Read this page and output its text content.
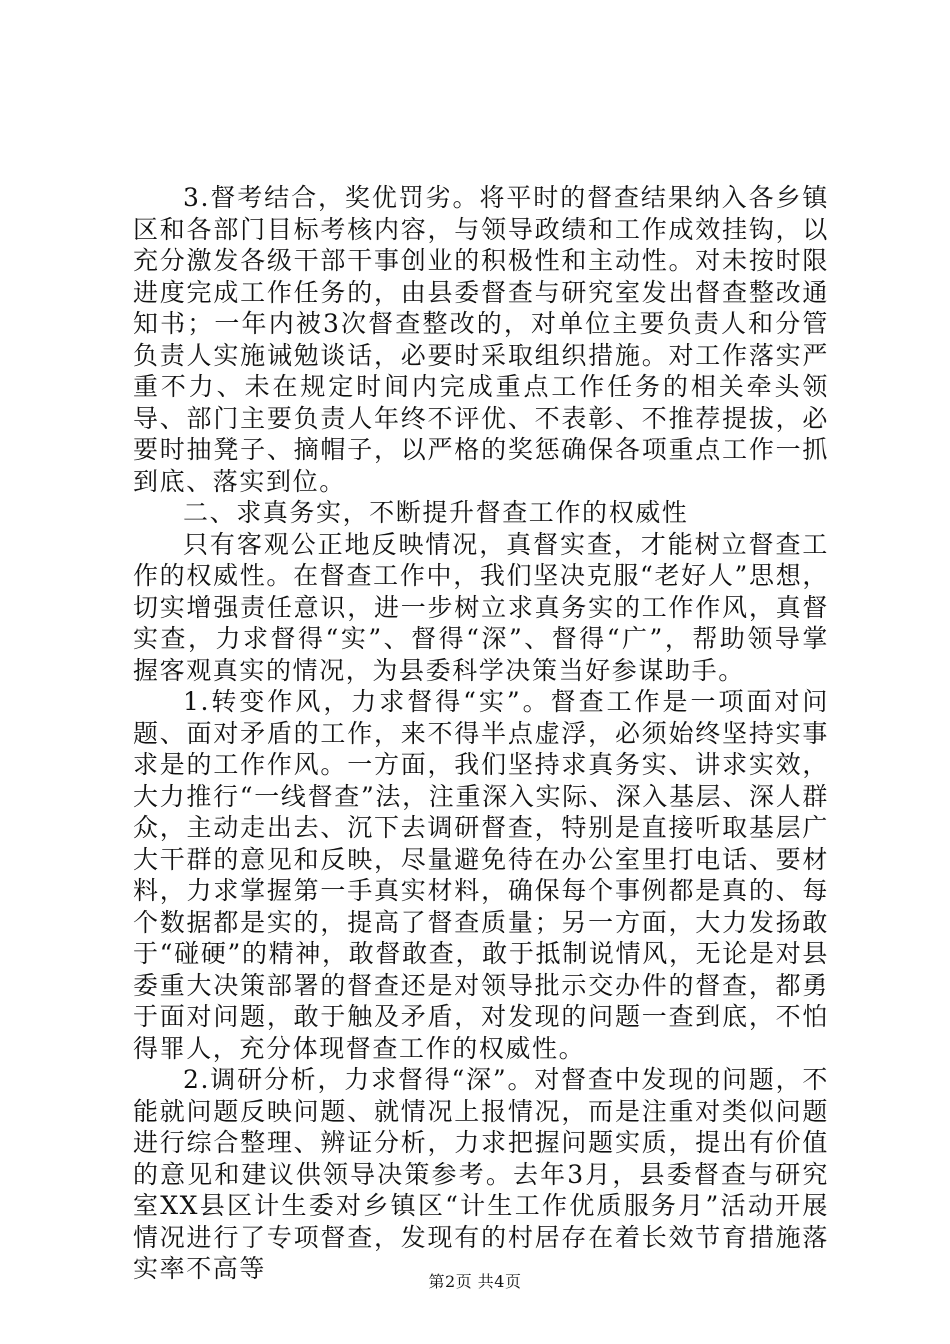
3.督考结合，奖优罚劣。将平时的督查结果纳入各乡镇区和各部门目标考核内容，与领导政绩和工作成效挂钩，以充分激发各级干部干事创业的积极性和主动性。对未按时限进度完成工作任务的，由县委督查与研究室发出督查整改通知书；一年内被3次督查整改的，对单位主要负责人和分管负责人实施诫勉谈话，必要时采取组织措施。对工作落实严重不力、未在规定时间内完成重点工作任务的相关牵头领导、部门主要负责人年终不评优、不表彰、不推荐提拔，必要时抽凳子、摘帽子，以严格的奖惩确保各项重点工作一抓到底、落实到位。

二、求真务实，不断提升督查工作的权威性

只有客观公正地反映情况，真督实查，才能树立督查工作的权威性。在督查工作中，我们坚决克服“老好人”思想，切实增强责任意识，进一步树立求真务实的工作作风，真督实查，力求督得“实”、督得“深”、督得“广”，帮助领导掌握客观真实的情况，为县委科学决策当好参谋助手。

1.转变作风，力求督得“实”。督查工作是一项面对问题、面对矛盾的工作，来不得半点虚浮，必须始终坚持实事求是的工作作风。一方面，我们坚持求真务实、讲求实效，大力推行“一线督查”法，注重深入实际、深入基层、深人群众，主动走出去、沉下去调研督查，特别是直接听取基层广大干群的意见和反映，尽量避免待在办公室里打电话、要材料，力求掌握第一手真实材料，确保每个事例都是真的、每个数据都是实的，提高了督查质量；另一方面，大力发扬敢于“碰硬”的精神，敢督敢查，敢于抵制说情风，无论是对县委重大决策部署的督查还是对领导批示交办件的督查，都勇于面对问题，敢于触及矛盾，对发现的问题一查到底，不怕得罪人，充分体现督查工作的权威性。

2.调研分析，力求督得“深”。对督查中发现的问题，不能就问题反映问题、就情况上报情况，而是注重对类似问题进行综合整理、辨证分析，力求把握问题实质，提出有价值的意见和建议供领导决策参考。去年3月，县委督查与研究室XX县区计生委对乡镇区“计生工作优质服务月”活动开展情况进行了专项督查，发现有的村居存在着长效节育措施落实率不高等	第2页 共4页
